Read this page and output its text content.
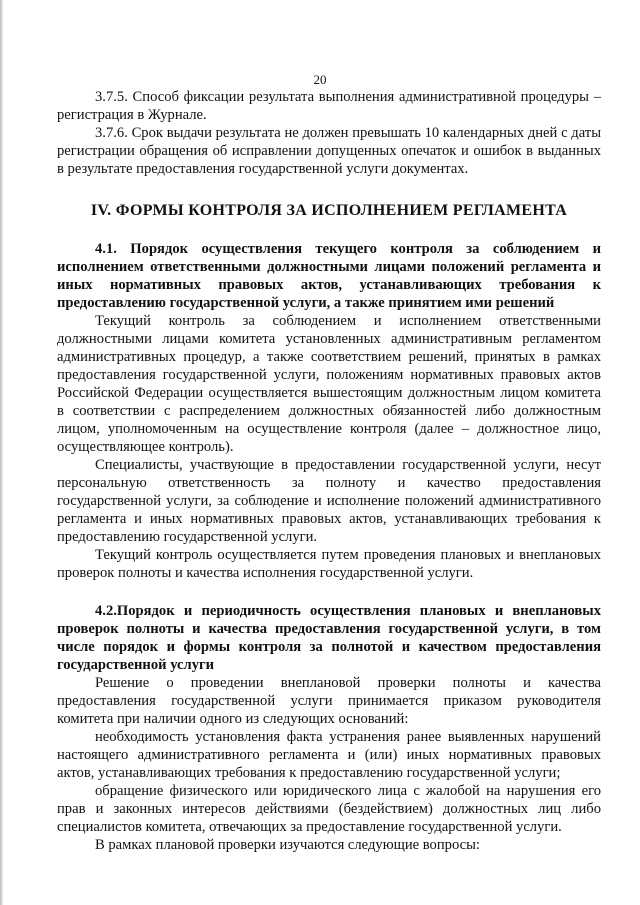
20

3.7.5. Способ фиксации результата выполнения административной процедуры – регистрация в Журнале.

3.7.6. Срок выдачи результата не должен превышать 10 календарных дней с даты регистрации обращения об исправлении допущенных опечаток и ошибок в выданных в результате предоставления государственной услуги документах.

IV. ФОРМЫ КОНТРОЛЯ ЗА ИСПОЛНЕНИЕМ РЕГЛАМЕНТА

4.1. Порядок осуществления текущего контроля за соблюдением и исполнением ответственными должностными лицами положений регламента и иных нормативных правовых актов, устанавливающих требования к предоставлению государственной услуги, а также принятием ими решений

Текущий контроль за соблюдением и исполнением ответственными должностными лицами комитета установленных административным регламентом административных процедур, а также соответствием решений, принятых в рамках предоставления государственной услуги, положениям нормативных правовых актов Российской Федерации осуществляется вышестоящим должностным лицом комитета в соответствии с распределением должностных обязанностей либо должностным лицом, уполномоченным на осуществление контроля (далее – должностное лицо, осуществляющее контроль).

Специалисты, участвующие в предоставлении государственной услуги, несут персональную ответственность за полноту и качество предоставления государственной услуги, за соблюдение и исполнение положений административного регламента и иных нормативных правовых актов, устанавливающих требования к предоставлению государственной услуги.

Текущий контроль осуществляется путем проведения плановых и внеплановых проверок полноты и качества исполнения государственной услуги.

4.2.Порядок и периодичность осуществления плановых и внеплановых проверок полноты и качества предоставления государственной услуги, в том числе порядок и формы контроля за полнотой и качеством предоставления государственной услуги

Решение о проведении внеплановой проверки полноты и качества предоставления государственной услуги принимается приказом руководителя комитета при наличии одного из следующих оснований:

необходимость установления факта устранения ранее выявленных нарушений настоящего административного регламента и (или) иных нормативных правовых актов, устанавливающих требования к предоставлению государственной услуги;

обращение физического или юридического лица с жалобой на нарушения его прав и законных интересов действиями (бездействием) должностных лиц либо специалистов комитета, отвечающих за предоставление государственной услуги.

В рамках плановой проверки изучаются следующие вопросы:
